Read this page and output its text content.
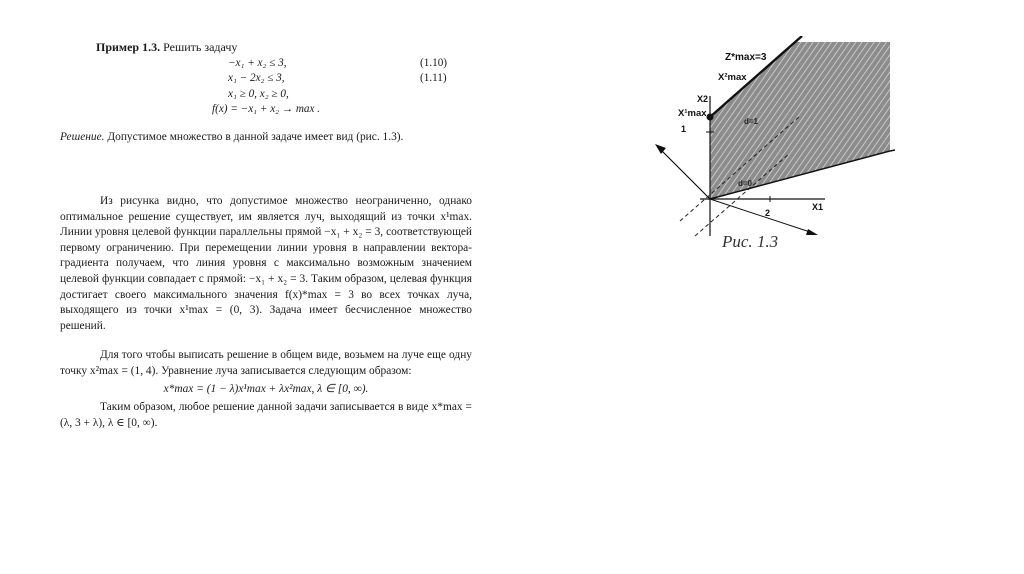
Пример 1.3. Решить задачу
−x₁ + x₂ ≤ 3,	(1.10)
x₁ − 2x₂ ≤ 3,	(1.11)
x₁ ≥ 0, x₂ ≥ 0,
f(x) = −x₁ + x₂ → max .
Решение. Допустимое множество в данной задаче имеет вид (рис. 1.3).
Из рисунка видно, что допустимое множество неограниченно, однако оптимальное решение существует, им является луч, выходящий из точки x¹max. Линии уровня целевой функции параллельны прямой −x₁ + x₂ = 3, соответствующей первому ограничению. При перемещении линии уровня в направлении вектора-градиента получаем, что линия уровня с максимально возможным значением целевой функции совпадает с прямой: −x₁ + x₂ = 3. Таким образом, целевая функция достигает своего максимального значения f(x)*max = 3 во всех точках луча, выходящего из точки x¹max = (0, 3). Задача имеет бесчисленное множество решений.
Для того чтобы выписать решение в общем виде, возьмем на луче еще одну точку x²max = (1, 4). Уравнение луча записывается следующим образом:
x*max = (1 − λ)x¹max + λx²max, λ ∈ [0, ∞).
Таким образом, любое решение данной задачи записывается в виде x*max = (λ, 3 + λ), λ ∈ [0, ∞).
Z*max=3
X²max
X2
X¹max
1
2
X1
d=1
d=0
Рис. 1.3
